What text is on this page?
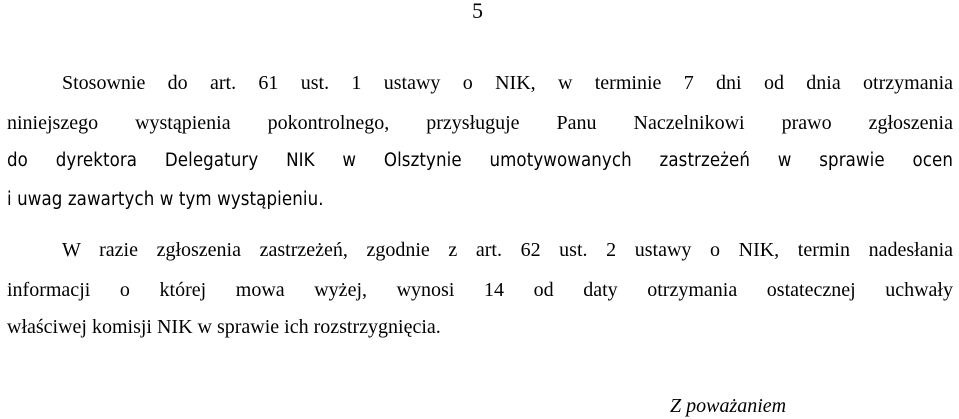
5
Stosownie do art. 61 ust. 1 ustawy o NIK, w terminie 7 dni od dnia otrzymania
niniejszego wystąpienia pokontrolnego, przysługuje Panu Naczelnikowi prawo zgłoszenia
do dyrektora Delegatury NIK w Olsztynie umotywowanych zastrzeżeń w sprawie ocen
i uwag zawartych w tym wystąpieniu.
W razie zgłoszenia zastrzeżeń, zgodnie z art. 62 ust. 2 ustawy o NIK, termin nadesłania
informacji o której mowa wyżej, wynosi 14 od daty otrzymania ostatecznej uchwały
właściwej komisji NIK w sprawie ich rozstrzygnięcia.
Z poważaniem
